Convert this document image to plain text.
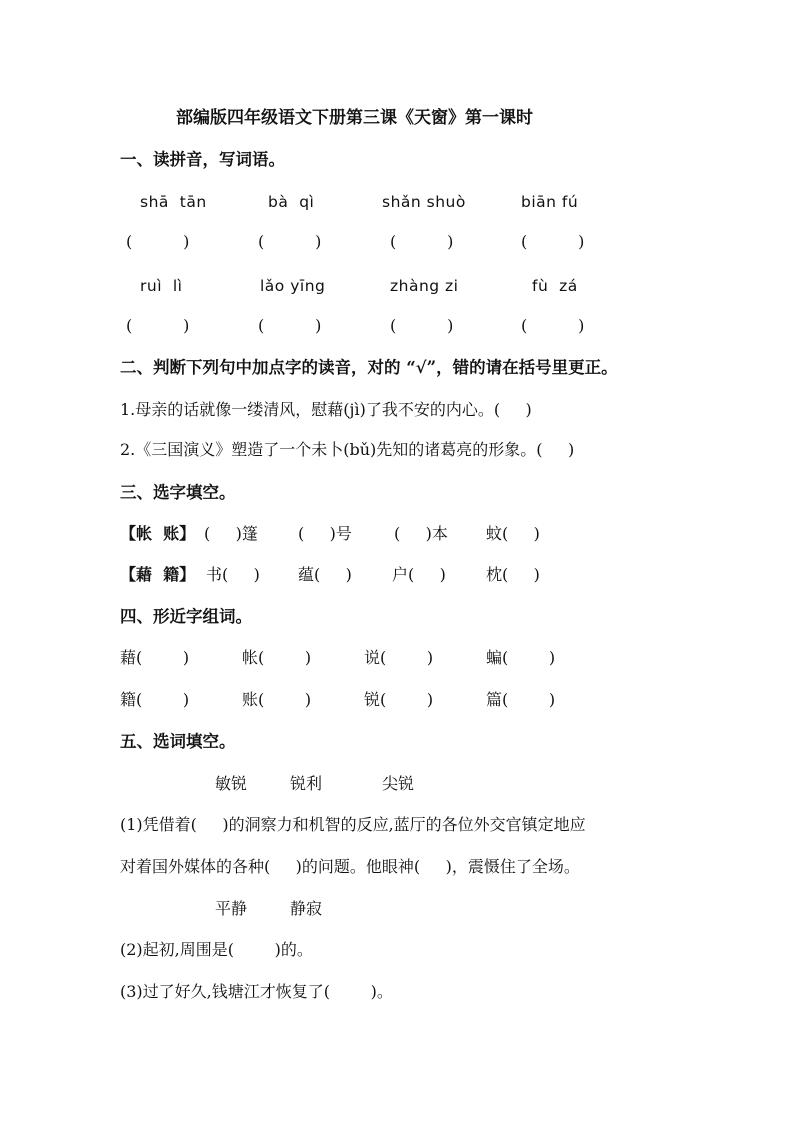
部编版四年级语文下册第三课《天窗》第一课时
一、读拼音，写词语。
shā  tān	bà  qì	shǎn shuò	biān fú
(          )	(          )	(          )	(          )
ruì  lì	lǎo yīng	zhàng zi	fù  zá
(          )	(          )	(          )	(          )
二、判断下列句中加点字的读音，对的 “√”，错的请在括号里更正。
1.母亲的话就像一缕清风，慰藉(jì)了我不安的内心。(     )
2.《三国演义》塑造了一个未卜(bǔ)先知的诸葛亮的形象。(     )
三、选字填空。
【帐  账】 (     )篷	(     )号	(     )本 蚊(     )
【藉  籍】 书(     ) 蕴(     )	户(     )	枕(     )
四、形近字组词。
藉(        )	帐(        )	说(        )	蝙(        )
籍(        )	账(        )	锐(        )	篇(        )
五、选词填空。
敏锐	锐利	尖锐
(1)凭借着(     )的洞察力和机智的反应,蓝厅的各位外交官镇定地应
对着国外媒体的各种(     )的问题。他眼神(     )，震慑住了全场。
平静	静寂
(2)起初,周围是(        )的。
(3)过了好久,钱塘江才恢复了(        )。
